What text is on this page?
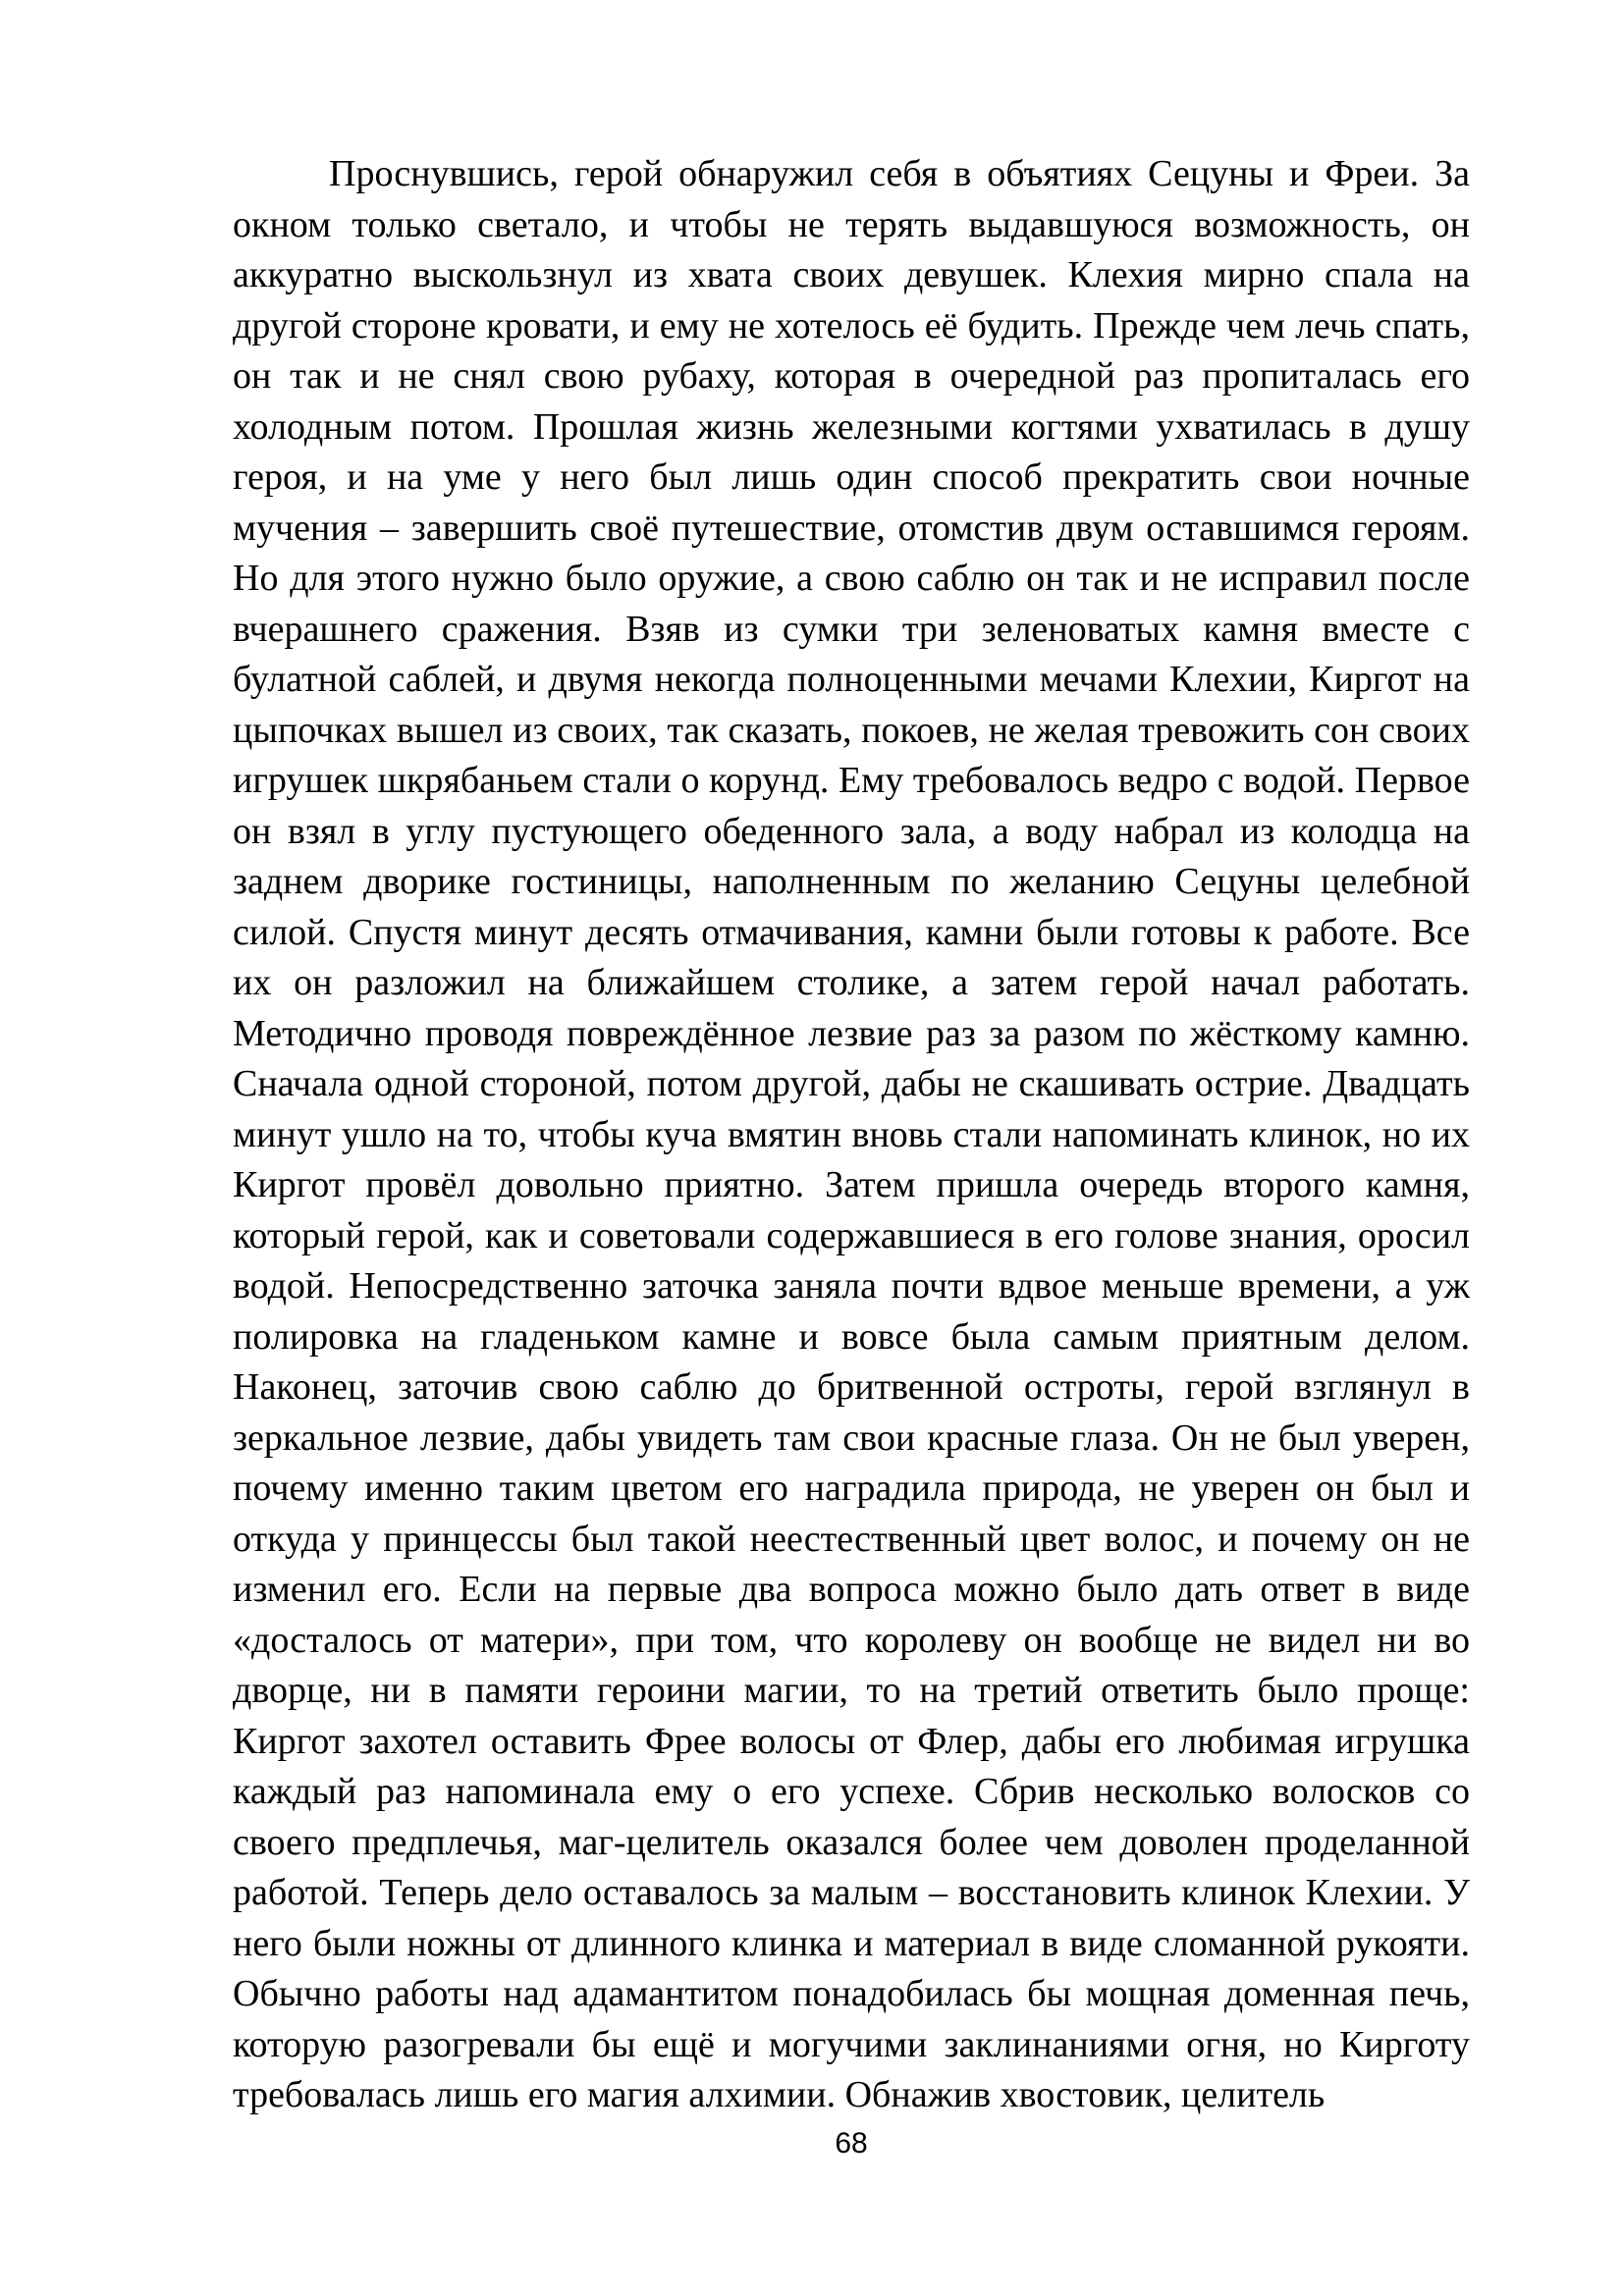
Проснувшись, герой обнаружил себя в объятиях Сецуны и Фреи. За
окном только светало, и чтобы не терять выдавшуюся возможность, он
аккуратно выскользнул из хвата своих девушек. Клехия мирно спала на
другой стороне кровати, и ему не хотелось её будить. Прежде чем лечь спать,
он так и не снял свою рубаху, которая в очередной раз пропиталась его
холодным потом. Прошлая жизнь железными когтями ухватилась в душу
героя, и на уме у него был лишь один способ прекратить свои ночные
мучения – завершить своё путешествие, отомстив двум оставшимся героям.
Но для этого нужно было оружие, а свою саблю он так и не исправил после
вчерашнего сражения. Взяв из сумки три зеленоватых камня вместе с
булатной саблей, и двумя некогда полноценными мечами Клехии, Киргот на
цыпочках вышел из своих, так сказать, покоев, не желая тревожить сон своих
игрушек шкрябаньем стали о корунд. Ему требовалось ведро с водой. Первое
он взял в углу пустующего обеденного зала, а воду набрал из колодца на
заднем дворике гостиницы, наполненным по желанию Сецуны целебной
силой. Спустя минут десять отмачивания, камни были готовы к работе. Все
их он разложил на ближайшем столике, а затем герой начал работать.
Методично проводя повреждённое лезвие раз за разом по жёсткому камню.
Сначала одной стороной, потом другой, дабы не скашивать острие. Двадцать
минут ушло на то, чтобы куча вмятин вновь стали напоминать клинок, но их
Киргот провёл довольно приятно. Затем пришла очередь второго камня,
который герой, как и советовали содержавшиеся в его голове знания, оросил
водой. Непосредственно заточка заняла почти вдвое меньше времени, а уж
полировка на гладеньком камне и вовсе была самым приятным делом.
Наконец, заточив свою саблю до бритвенной остроты, герой взглянул в
зеркальное лезвие, дабы увидеть там свои красные глаза. Он не был уверен,
почему именно таким цветом его наградила природа, не уверен он был и
откуда у принцессы был такой неестественный цвет волос, и почему он не
изменил его. Если на первые два вопроса можно было дать ответ в виде
«досталось от матери», при том, что королеву он вообще не видел ни во
дворце, ни в памяти героини магии, то на третий ответить было проще:
Киргот захотел оставить Фрее волосы от Флер, дабы его любимая игрушка
каждый раз напоминала ему о его успехе. Сбрив несколько волосков со
своего предплечья, маг-целитель оказался более чем доволен проделанной
работой. Теперь дело оставалось за малым – восстановить клинок Клехии. У
него были ножны от длинного клинка и материал в виде сломанной рукояти.
Обычно работы над адамантитом понадобилась бы мощная доменная печь,
которую разогревали бы ещё и могучими заклинаниями огня, но Кирготу
требовалась лишь его магия алхимии. Обнажив хвостовик, целитель
68
